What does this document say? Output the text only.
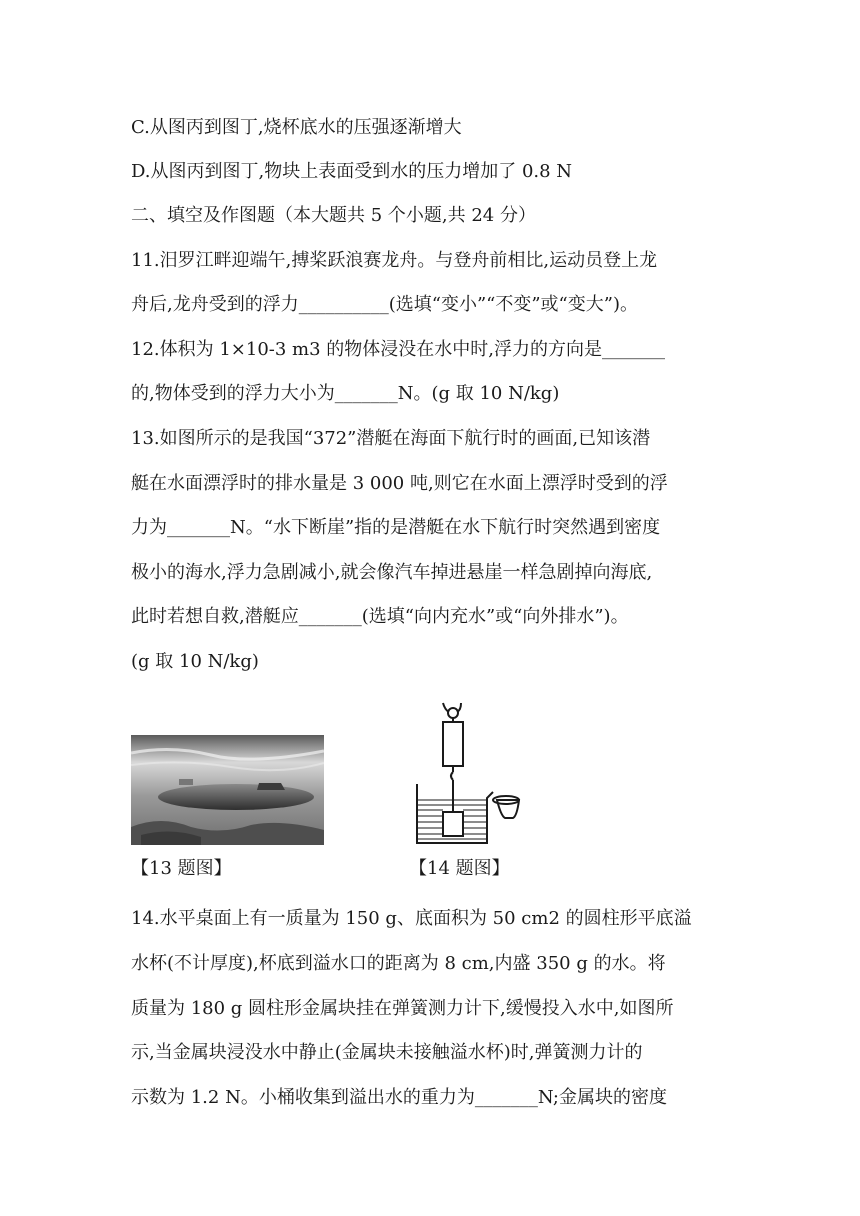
C.从图丙到图丁,烧杯底水的压强逐渐增大
D.从图丙到图丁,物块上表面受到水的压力增加了 0.8 N
二、填空及作图题（本大题共 5 个小题,共 24 分）
11.汨罗江畔迎端午,搏桨跃浪赛龙舟。与登舟前相比,运动员登上龙
舟后,龙舟受到的浮力__________(选填“变小”“不变”或“变大”)。
12.体积为 1×10-3 m3 的物体浸没在水中时,浮力的方向是_______
的,物体受到的浮力大小为_______N。(g 取 10 N/kg)
13.如图所示的是我国“372”潜艇在海面下航行时的画面,已知该潜
艇在水面漂浮时的排水量是 3 000 吨,则它在水面上漂浮时受到的浮
力为_______N。“水下断崖”指的是潜艇在水下航行时突然遇到密度
极小的海水,浮力急剧减小,就会像汽车掉进悬崖一样急剧掉向海底,
此时若想自救,潜艇应_______(选填“向内充水”或“向外排水”)。
(g 取 10 N/kg)
【13 题图】	【14 题图】
14.水平桌面上有一质量为 150 g、底面积为 50 cm2 的圆柱形平底溢
水杯(不计厚度),杯底到溢水口的距离为 8 cm,内盛 350 g 的水。将
质量为 180 g 圆柱形金属块挂在弹簧测力计下,缓慢投入水中,如图所
示,当金属块浸没水中静止(金属块未接触溢水杯)时,弹簧测力计的
示数为 1.2 N。小桶收集到溢出水的重力为_______N;金属块的密度
